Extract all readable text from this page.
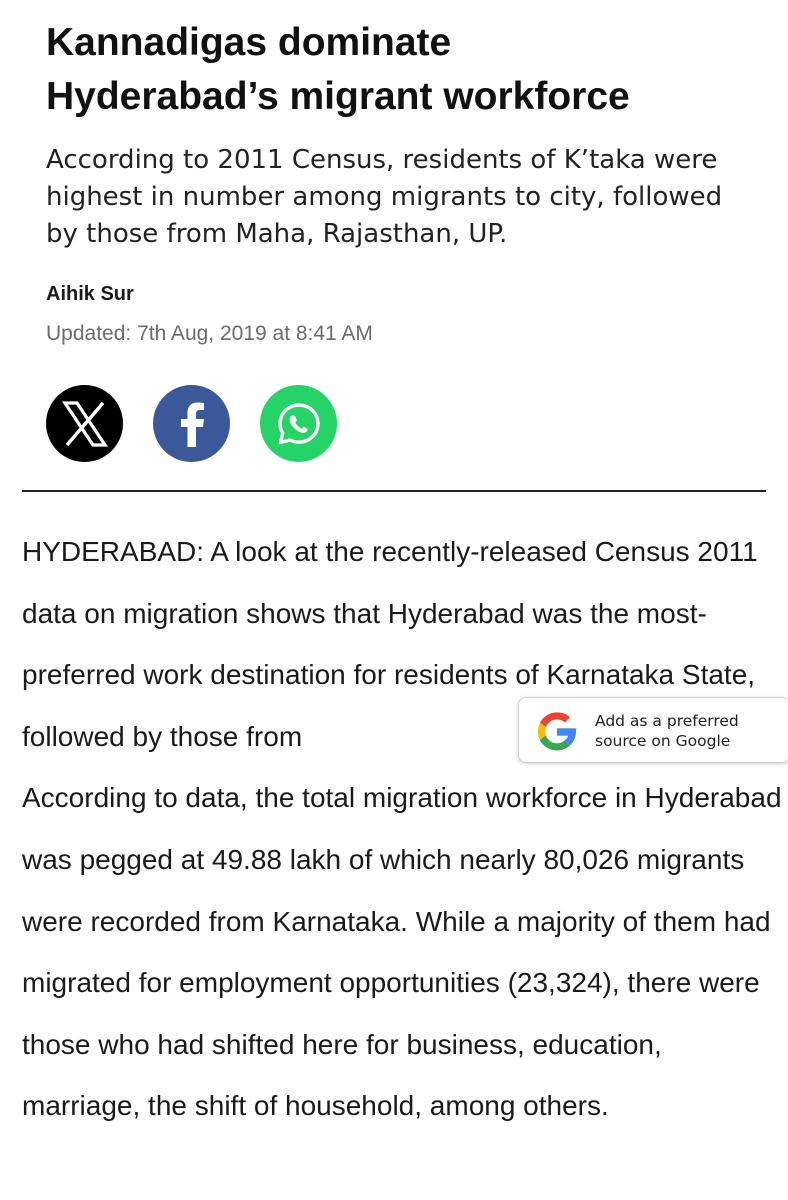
Kannadigas dominate
Hyderabad’s migrant workforce

According to 2011 Census, residents of K’taka were highest in number among migrants to city, followed by those from Maha, Rajasthan, UP.

Aihik Sur
Updated: 7th Aug, 2019 at 8:41 AM

HYDERABAD: A look at the recently-released Census 2011 data on migration shows that Hyderabad was the most-preferred work destination for residents of Karnataka State, followed by those from
According to data, the total migration workforce in Hyderabad was pegged at 49.88 lakh of which nearly 80,026 migrants were recorded from Karnataka. While a majority of them had migrated for employment opportunities (23,324), there were those who had shifted here for business, education, marriage, the shift of household, among others.

Add as a preferred
source on Google
